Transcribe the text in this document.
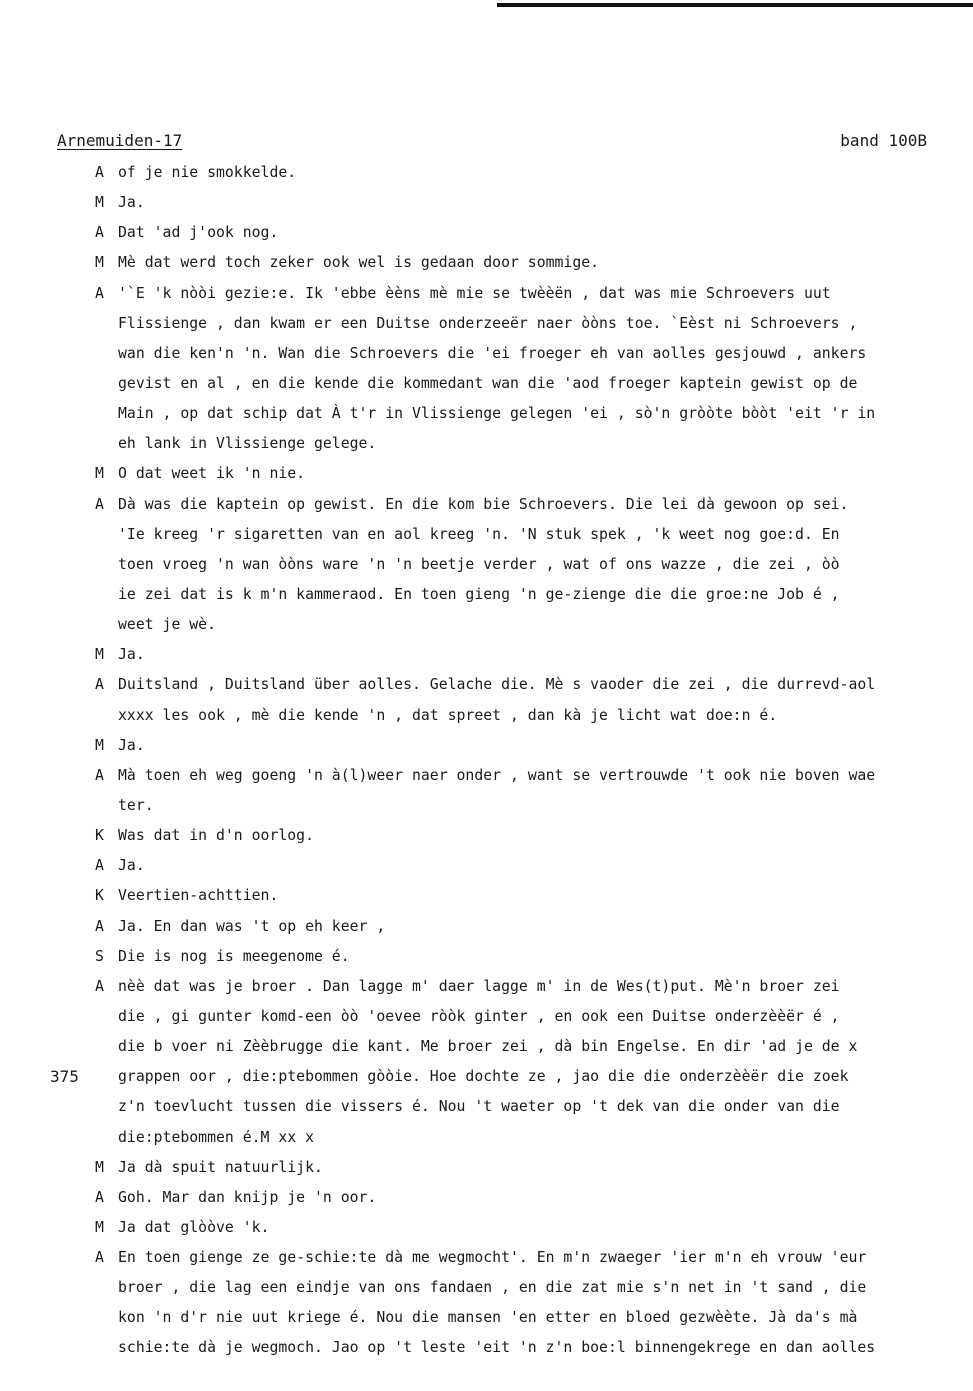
Arnemuiden-17	band 100B
375
A of je nie smokkelde.
M Ja.
A Dat 'ad j'ook nog.
M Mè dat werd toch zeker ook wel is gedaan door sommige.
A '`E 'k nòòi gezie:e. Ik 'ebbe èèns mè mie se twèèën , dat was mie Schroevers uut
Flissienge , dan kwam er een Duitse onderzeeër naer òòns toe. `Eèst ni Schroevers ,
wan die ken'n 'n. Wan die Schroevers die 'ei froeger eh van aolles gesjouwd , ankers
gevist en al , en die kende die kommedant wan die 'aod froeger kaptein gewist op de
Main , op dat schip dat À t'r in Vlissienge gelegen 'ei , sò'n gròòte bòòt 'eit 'r in
eh lank in Vlissienge gelege.
M O dat weet ik 'n nie.
A Dà was die kaptein op gewist. En die kom bie Schroevers. Die lei dà gewoon op sei.
'Ie kreeg 'r sigaretten van en aol kreeg 'n. 'N stuk spek , 'k weet nog goe:d. En
toen vroeg 'n wan òòns ware 'n 'n beetje verder , wat of ons wazze , die zei , òò
ie zei dat is k m'n kammeraod. En toen gieng 'n ge-zienge die die groe:ne Job é ,
weet je wè.
M Ja.
A Duitsland , Duitsland über aolles. Gelache die. Mè s vaoder die zei , die durrevd-aol
xxxx les ook , mè die kende 'n , dat spreet , dan kà je licht wat doe:n é.
M Ja.
A Mà toen eh weg goeng 'n à(l)weer naer onder , want se vertrouwde 't ook nie boven wae
ter.
K Was dat in d'n oorlog.
A Ja.
K Veertien-achttien.
A Ja. En dan was 't op eh keer ,
S Die is nog is meegenome é.
A nèè dat was je broer . Dan lagge m' daer lagge m' in de Wes(t)put. Mè'n broer zei
die , gi gunter komd-een òò 'oevee ròòk ginter , en ook een Duitse onderzèèër é ,
die b voer ni Zèèbrugge die kant. Me broer zei , dà bin Engelse. En dir 'ad je de x
grappen oor , die:ptebommen gòòie. Hoe dochte ze , jao die die onderzèèër die zoek
z'n toevlucht tussen die vissers é. Nou 't waeter op 't dek van die onder van die
die:ptebommen é.M xx x
M Ja dà spuit natuurlijk.
A Goh. Mar dan knijp je 'n oor.
M Ja dat glòòve 'k.
A En toen gienge ze ge-schie:te dà me wegmocht'. En m'n zwaeger 'ier m'n eh vrouw 'eur
broer , die lag een eindje van ons fandaen , en die zat mie s'n net in 't sand , die
kon 'n d'r nie uut kriege é. Nou die mansen 'en etter en bloed gezwèète. Jà da's mà
schie:te dà je wegmoch. Jao op 't leste 'eit 'n z'n boe:l binnengekrege en dan aolles
